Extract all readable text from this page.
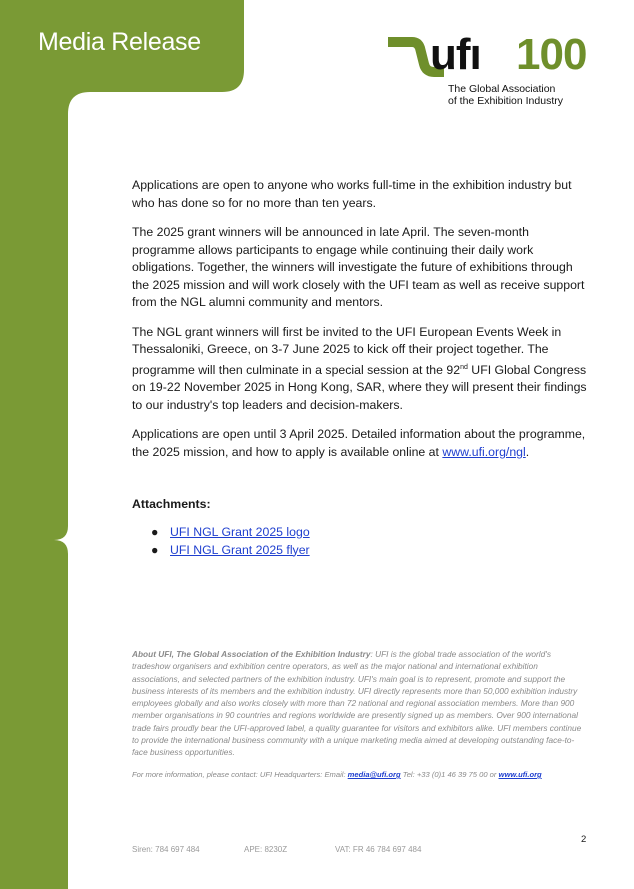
Media Release	ufı 100
The Global Association
of the Exhibition Industry

Applications are open to anyone who works full-time in the exhibition industry but who has done so for no more than ten years.

The 2025 grant winners will be announced in late April. The seven-month programme allows participants to engage while continuing their daily work obligations. Together, the winners will investigate the future of exhibitions through the 2025 mission and will work closely with the UFI team as well as receive support from the NGL alumni community and mentors.

The NGL grant winners will first be invited to the UFI European Events Week in Thessaloniki, Greece, on 3-7 June 2025 to kick off their project together. The programme will then culminate in a special session at the 92nd UFI Global Congress on 19-22 November 2025 in Hong Kong, SAR, where they will present their findings to our industry's top leaders and decision-makers.

Applications are open until 3 April 2025. Detailed information about the programme, the 2025 mission, and how to apply is available online at www.ufi.org/ngl.

Attachments:
● UFI NGL Grant 2025 logo
● UFI NGL Grant 2025 flyer
About UFI, The Global Association of the Exhibition Industry: UFI is the global trade association of the world's tradeshow organisers and exhibition centre operators, as well as the major national and international exhibition associations, and selected partners of the exhibition industry. UFI's main goal is to represent, promote and support the business interests of its members and the exhibition industry. UFI directly represents more than 50,000 exhibition industry employees globally and also works closely with more than 72 national and regional association members. More than 900 member organisations in 90 countries and regions worldwide are presently signed up as members. Over 900 international trade fairs proudly bear the UFI-approved label, a quality guarantee for visitors and exhibitors alike. UFI members continue to provide the international business community with a unique marketing media aimed at developing outstanding face-to-face business opportunities.
For more information, please contact: UFI Headquarters: Email: media@ufi.org Tel: +33 (0)1 46 39 75 00 or www.ufi.org
2
Siren: 784 697 484	APE: 8230Z	VAT: FR 46 784 697 484
